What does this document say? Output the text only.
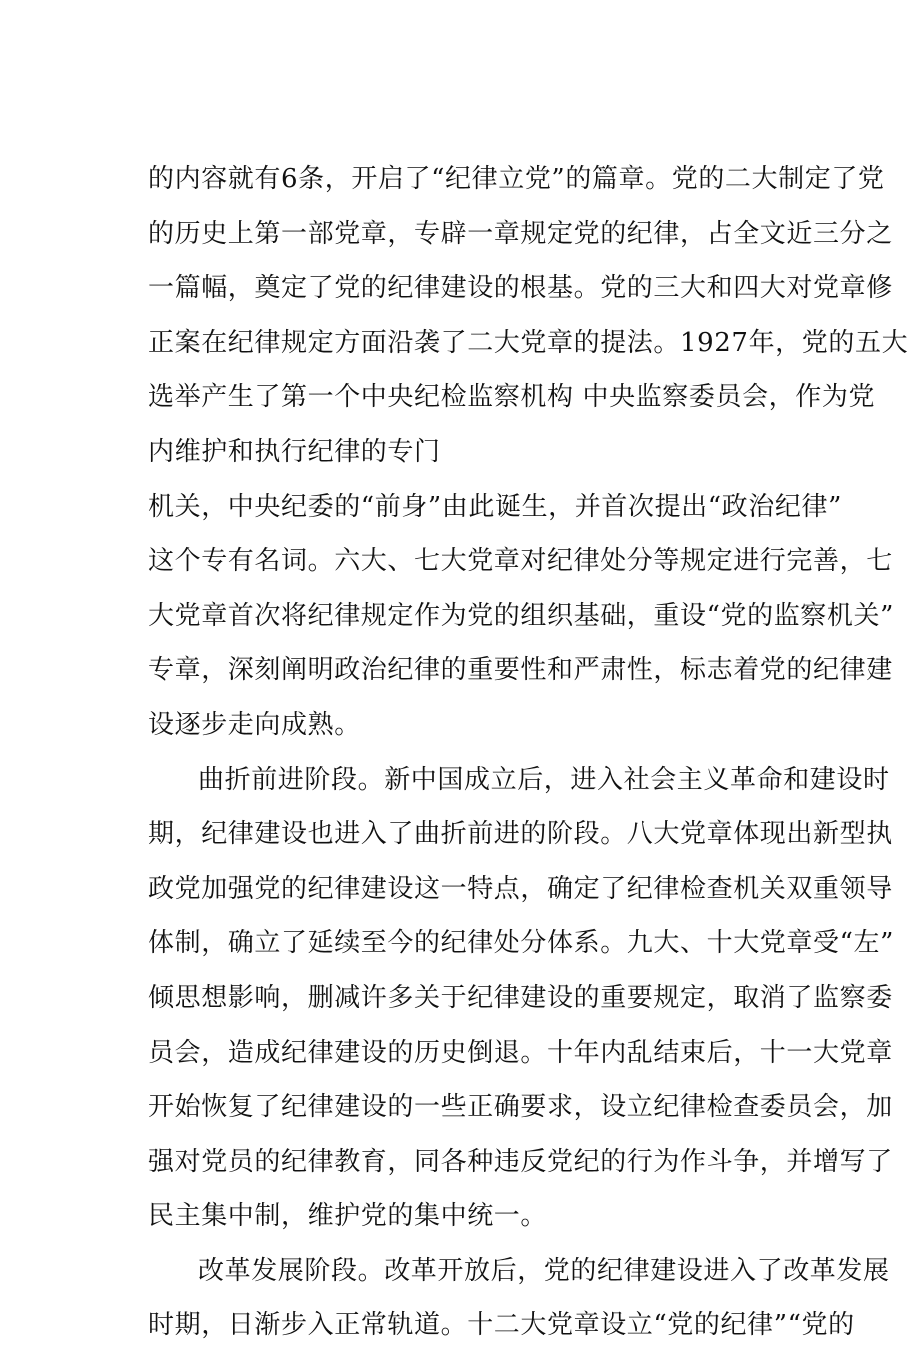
的内容就有6条，开启了“纪律立党”的篇章。党的二大制定了党
的历史上第一部党章，专辟一章规定党的纪律，占全文近三分之
一篇幅，奠定了党的纪律建设的根基。党的三大和四大对党章修
正案在纪律规定方面沿袭了二大党章的提法。1927年，党的五大
选举产生了第一个中央纪检监察机构 中央监察委员会，作为党
内维护和执行纪律的专门
机关，中央纪委的“前身”由此诞生，并首次提出“政治纪律”
这个专有名词。六大、七大党章对纪律处分等规定进行完善，七
大党章首次将纪律规定作为党的组织基础，重设“党的监察机关”
专章，深刻阐明政治纪律的重要性和严肃性，标志着党的纪律建
设逐步走向成熟。
曲折前进阶段。新中国成立后，进入社会主义革命和建设时
期，纪律建设也进入了曲折前进的阶段。八大党章体现出新型执
政党加强党的纪律建设这一特点，确定了纪律检查机关双重领导
体制，确立了延续至今的纪律处分体系。九大、十大党章受“左”
倾思想影响，删减许多关于纪律建设的重要规定，取消了监察委
员会，造成纪律建设的历史倒退。十年内乱结束后，十一大党章
开始恢复了纪律建设的一些正确要求，设立纪律检查委员会，加
强对党员的纪律教育，同各种违反党纪的行为作斗争，并增写了
民主集中制，维护党的集中统一。
改革发展阶段。改革开放后，党的纪律建设进入了改革发展
时期，日渐步入正常轨道。十二大党章设立“党的纪律”“党的
